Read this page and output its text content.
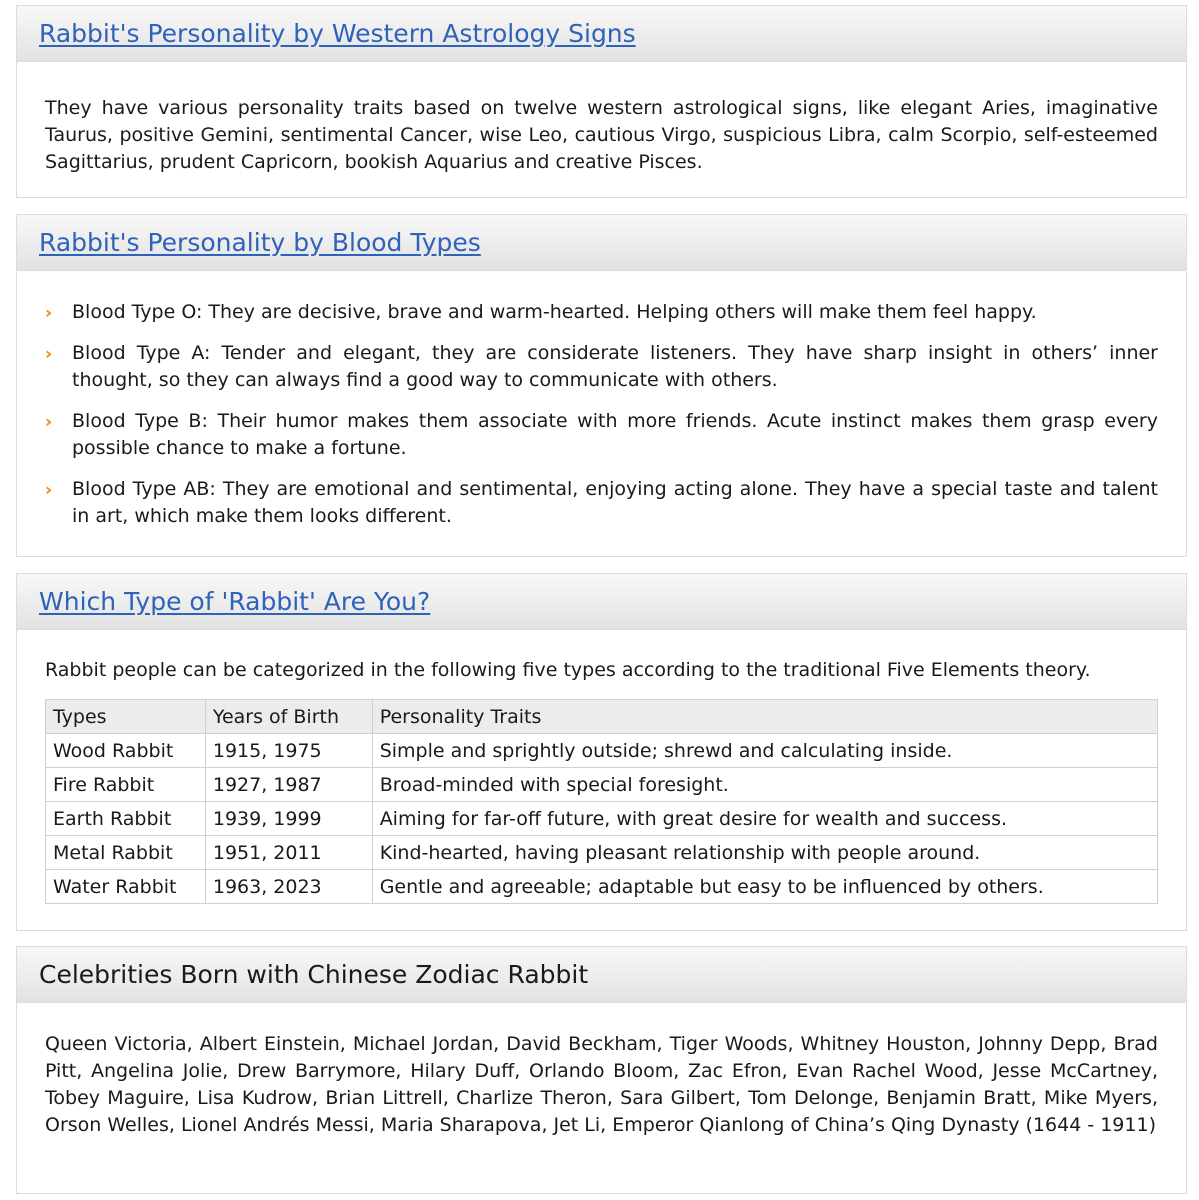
Rabbit's Personality by Western Astrology Signs

They have various personality traits based on twelve western astrological signs, like elegant Aries, imaginative Taurus, positive Gemini, sentimental Cancer, wise Leo, cautious Virgo, suspicious Libra, calm Scorpio, self-esteemed Sagittarius, prudent Capricorn, bookish Aquarius and creative Pisces.

Rabbit's Personality by Blood Types
›› Blood Type O: They are decisive, brave and warm-hearted. Helping others will make them feel happy.
›› Blood Type A: Tender and elegant, they are considerate listeners. They have sharp insight in others’ inner thought, so they can always find a good way to communicate with others.
›› Blood Type B: Their humor makes them associate with more friends. Acute instinct makes them grasp every possible chance to make a fortune.
›› Blood Type AB: They are emotional and sentimental, enjoying acting alone. They have a special taste and talent in art, which make them looks different.
Which Type of 'Rabbit' Are You?

Rabbit people can be categorized in the following five types according to the traditional Five Elements theory.

Types	Years of Birth	Personality Traits
Wood Rabbit	1915, 1975	Simple and sprightly outside; shrewd and calculating inside.
Fire Rabbit	1927, 1987	Broad-minded with special foresight.
Earth Rabbit	1939, 1999	Aiming for far-off future, with great desire for wealth and success.
Metal Rabbit	1951, 2011	Kind-hearted, having pleasant relationship with people around.
Water Rabbit	1963, 2023	Gentle and agreeable; adaptable but easy to be influenced by others.
Celebrities Born with Chinese Zodiac Rabbit

Queen Victoria, Albert Einstein, Michael Jordan, David Beckham, Tiger Woods, Whitney Houston, Johnny Depp, Brad Pitt, Angelina Jolie, Drew Barrymore, Hilary Duff, Orlando Bloom, Zac Efron, Evan Rachel Wood, Jesse McCartney, Tobey Maguire, Lisa Kudrow, Brian Littrell, Charlize Theron, Sara Gilbert, Tom Delonge, Benjamin Bratt, Mike Myers, Orson Welles, Lionel Andrés Messi, Maria Sharapova, Jet Li, Emperor Qianlong of China’s Qing Dynasty (1644 - 1911)
